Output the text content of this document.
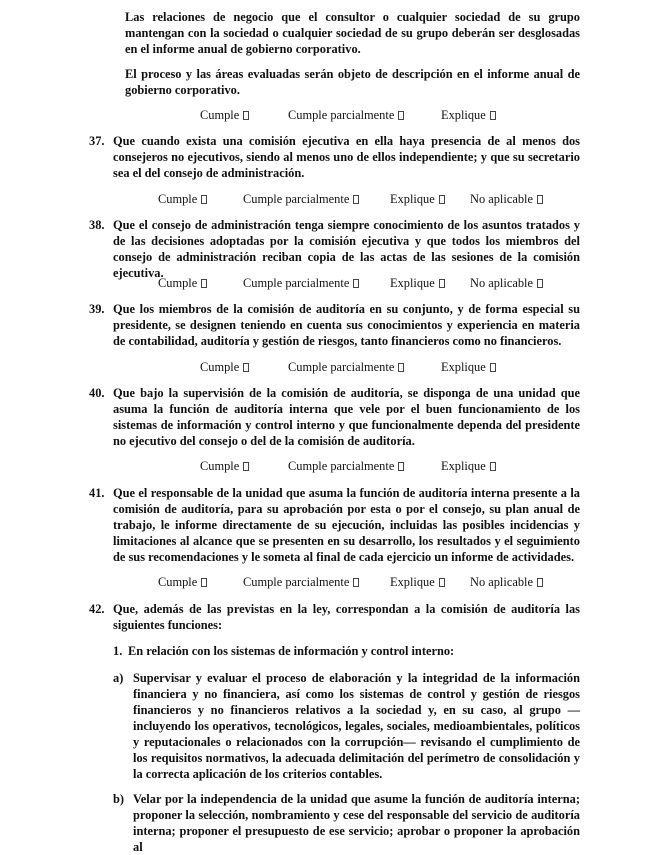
Las relaciones de negocio que el consultor o cualquier sociedad de su grupo mantengan con la sociedad o cualquier sociedad de su grupo deberán ser desglosadas en el informe anual de gobierno corporativo.

El proceso y las áreas evaluadas serán objeto de descripción en el informe anual de gobierno corporativo.

Cumple	Cumple parcialmente	Explique
37. Que cuando exista una comisión ejecutiva en ella haya presencia de al menos dos consejeros no ejecutivos, siendo al menos uno de ellos independiente; y que su secretario sea el del consejo de administración.

Cumple	Cumple parcialmente	Explique	No aplicable
38. Que el consejo de administración tenga siempre conocimiento de los asuntos tratados y de las decisiones adoptadas por la comisión ejecutiva y que todos los miembros del consejo de administración reciban copia de las actas de las sesiones de la comisión ejecutiva.

Cumple	Cumple parcialmente	Explique	No aplicable
39. Que los miembros de la comisión de auditoría en su conjunto, y de forma especial su presidente, se designen teniendo en cuenta sus conocimientos y experiencia en materia de contabilidad, auditoría y gestión de riesgos, tanto financieros como no financieros.

Cumple	Cumple parcialmente	Explique
40. Que bajo la supervisión de la comisión de auditoría, se disponga de una unidad que asuma la función de auditoría interna que vele por el buen funcionamiento de los sistemas de información y control interno y que funcionalmente dependa del presidente no ejecutivo del consejo o del de la comisión de auditoría.

Cumple	Cumple parcialmente	Explique
41. Que el responsable de la unidad que asuma la función de auditoría interna presente a la comisión de auditoría, para su aprobación por esta o por el consejo, su plan anual de trabajo, le informe directamente de su ejecución, incluidas las posibles incidencias y limitaciones al alcance que se presenten en su desarrollo, los resultados y el seguimiento de sus recomendaciones y le someta al final de cada ejercicio un informe de actividades.

Cumple	Cumple parcialmente	Explique	No aplicable
42. Que, además de las previstas en la ley, correspondan a la comisión de auditoría las siguientes funciones:

1. En relación con los sistemas de información y control interno:

a) Supervisar y evaluar el proceso de elaboración y la integridad de la información financiera y no financiera, así como los sistemas de control y gestión de riesgos financieros y no financieros relativos a la sociedad y, en su caso, al grupo —incluyendo los operativos, tecnológicos, legales, sociales, medioambientales, políticos y reputacionales o relacionados con la corrupción— revisando el cumplimiento de los requisitos normativos, la adecuada delimitación del perímetro de consolidación y la correcta aplicación de los criterios contables.

b) Velar por la independencia de la unidad que asume la función de auditoría interna; proponer la selección, nombramiento y cese del responsable del servicio de auditoría interna; proponer el presupuesto de ese servicio; aprobar o proponer la aprobación al
